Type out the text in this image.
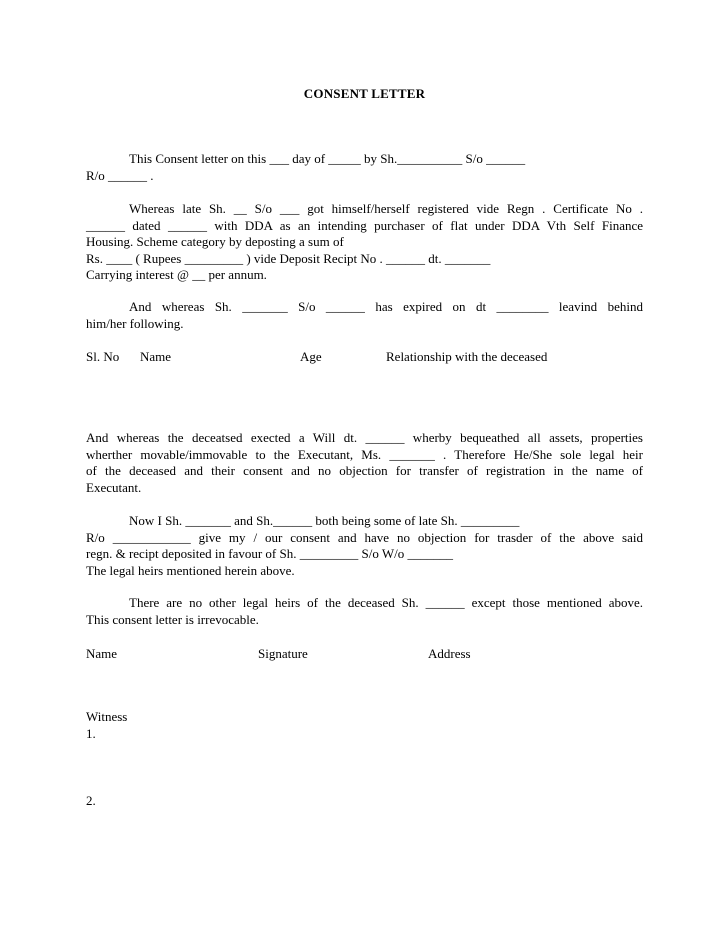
CONSENT LETTER
This Consent letter on this ___ day of _____ by Sh.__________ S/o ______
R/o ______ .
Whereas late Sh. __ S/o ___ got himself/herself registered vide Regn . Certificate No .
______ dated ______ with DDA as an intending purchaser of flat under DDA Vth Self Finance
Housing. Scheme category by deposting a sum of
Rs. ____ ( Rupees _________ ) vide Deposit Recipt No . ______ dt. _______
Carrying interest @ __ per annum.
And whereas Sh. _______ S/o ______ has expired on dt ________ leavind behind
him/her following.
Sl. No Name	Age	Relationship with the deceased
And whereas the deceatsed exected a Will dt. ______ wherby bequeathed all assets, properties
wherther movable/immovable to the Executant, Ms. _______ . Therefore He/She sole legal heir
of the deceased and their consent and no objection for transfer of registration in the name of
Executant.
Now I Sh. _______ and Sh.______ both being some of late Sh. _________
R/o ____________ give my / our consent and have no objection for trasder of the above said
regn. & recipt deposited in favour of Sh. _________ S/o W/o _______
The legal heirs mentioned herein above.
There are no other legal heirs of the deceased Sh. ______ except those mentioned above.
This consent letter is irrevocable.
Name	Signature	Address
Witness
1.
2.
